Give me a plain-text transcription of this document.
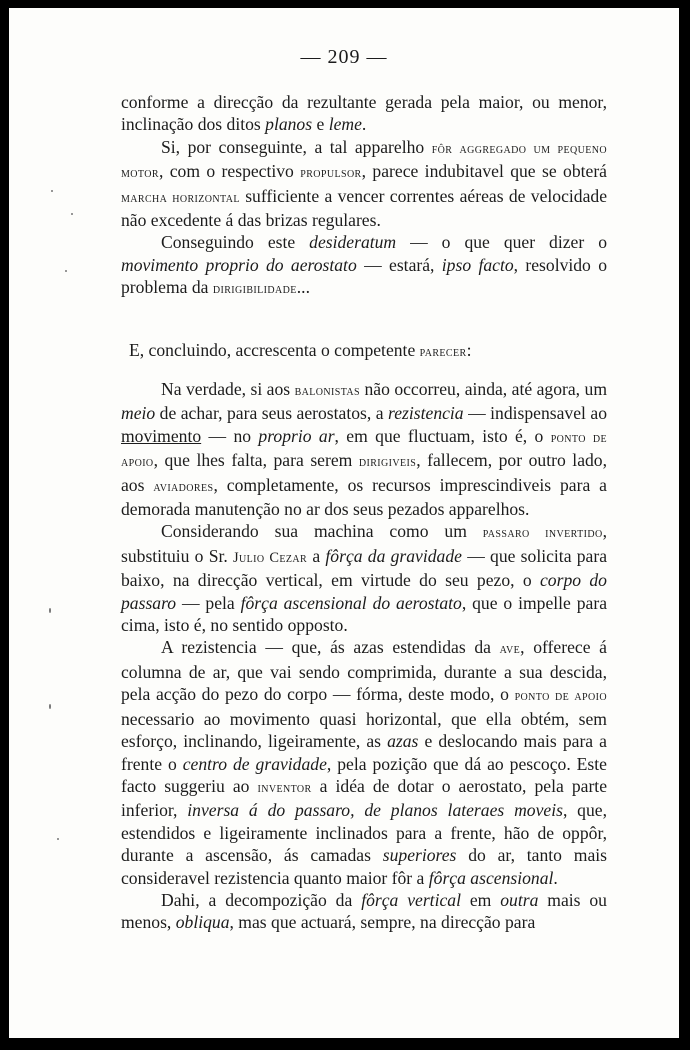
— 209 —

conforme a direcção da rezultante gerada pela maior, ou menor, inclinação dos ditos planos e leme.

Si, por conseguinte, a tal apparelho fôr aggregado um pequeno motor, com o respectivo propulsor, parece indubitavel que se obterá marcha horizontal sufficiente a vencer correntes aéreas de velocidade não excedente á das brizas regulares.

Conseguindo este desideratum — o que quer dizer o movimento proprio do aerostato — estará, ipso facto, resolvido o problema da dirigibilidade...

E, concluindo, accrescenta o competente parecer:

Na verdade, si aos balonistas não occorreu, ainda, até agora, um meio de achar, para seus aerostatos, a rezistencia — indispensavel ao movimento — no proprio ar, em que fluctuam, isto é, o ponto de apoio, que lhes falta, para serem dirigiveis, fallecem, por outro lado, aos aviadores, completamente, os recursos imprescindiveis para a demorada manutenção no ar dos seus pezados apparelhos.

Considerando sua machina como um passaro invertido, substituiu o Sr. Julio Cezar a fôrça da gravidade — que solicita para baixo, na direcção vertical, em virtude do seu pezo, o corpo do passaro — pela fôrça ascensional do aerostato, que o impelle para cima, isto é, no sentido opposto.

A rezistencia — que, ás azas estendidas da ave, offerece á columna de ar, que vai sendo comprimida, durante a sua descida, pela acção do pezo do corpo — fórma, deste modo, o ponto de apoio necessario ao movimento quasi horizontal, que ella obtém, sem esforço, inclinando, ligeiramente, as azas e deslocando mais para a frente o centro de gravidade, pela pozição que dá ao pescoço. Este facto suggeriu ao inventor a idéa de dotar o aerostato, pela parte inferior, inversa á do passaro, de planos lateraes moveis, que, estendidos e ligeiramente inclinados para a frente, hão de oppôr, durante a ascensão, ás camadas superiores do ar, tanto mais consideravel rezistencia quanto maior fôr a fôrça ascensional.

Dahi, a decompozição da fôrça vertical em outra mais ou menos, obliqua, mas que actuará, sempre, na direcção para
